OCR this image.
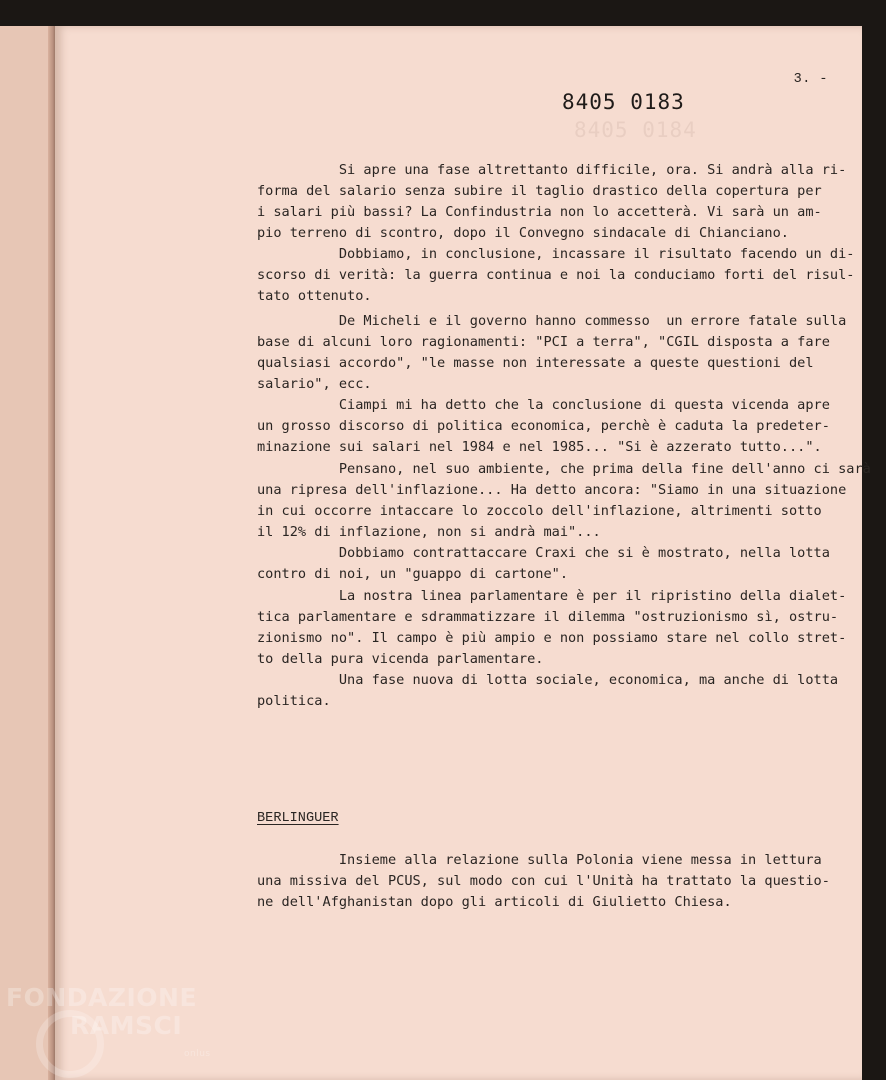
8405 0184
3. -
8405 0183
Si apre una fase altrettanto difficile, ora. Si andrà alla ri-
forma del salario senza subire il taglio drastico della copertura per
i salari più bassi? La Confindustria non lo accetterà. Vi sarà un am-
pio terreno di scontro, dopo il Convegno sindacale di Chianciano.
Dobbiamo, in conclusione, incassare il risultato facendo un di-
scorso di verità: la guerra continua e noi la conduciamo forti del risul-
tato ottenuto.
De Micheli e il governo hanno commesso  un errore fatale sulla
base di alcuni loro ragionamenti: "PCI a terra", "CGIL disposta a fare
qualsiasi accordo", "le masse non interessate a queste questioni del
salario", ecc.
Ciampi mi ha detto che la conclusione di questa vicenda apre
un grosso discorso di politica economica, perchè è caduta la predeter-
minazione sui salari nel 1984 e nel 1985... "Si è azzerato tutto...".
Pensano, nel suo ambiente, che prima della fine dell'anno ci sarà
una ripresa dell'inflazione... Ha detto ancora: "Siamo in una situazione
in cui occorre intaccare lo zoccolo dell'inflazione, altrimenti sotto
il 12% di inflazione, non si andrà mai"...
Dobbiamo contrattaccare Craxi che si è mostrato, nella lotta
contro di noi, un "guappo di cartone".
La nostra linea parlamentare è per il ripristino della dialet-
tica parlamentare e sdrammatizzare il dilemma "ostruzionismo sì, ostru-
zionismo no". Il campo è più ampio e non possiamo stare nel collo stret-
to della pura vicenda parlamentare.
Una fase nuova di lotta sociale, economica, ma anche di lotta
politica.
BERLINGUER
Insieme alla relazione sulla Polonia viene messa in lettura
una missiva del PCUS, sul modo con cui l'Unità ha trattato la questio-
ne dell'Afghanistan dopo gli articoli di Giulietto Chiesa.
FONDAZIONE
RAMSCI
onlus
